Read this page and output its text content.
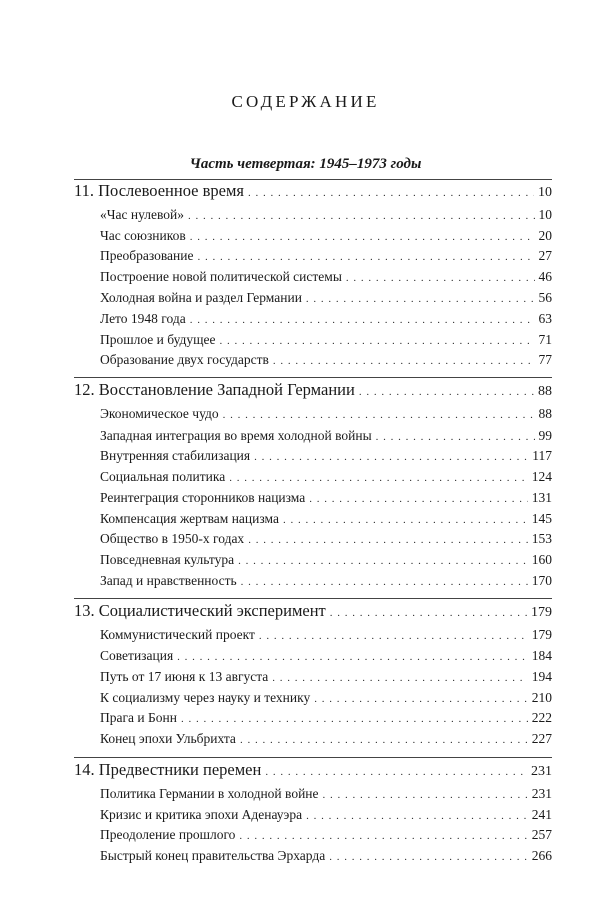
СОДЕРЖАНИЕ
Часть четвертая: 1945–1973 годы
11. Послевоенное время . . .	10
«Час нулевой» . . .	10
Час союзников . . .	20
Преобразование . . .	27
Построение новой политической системы . . .	46
Холодная война и раздел Германии . . .	56
Лето 1948 года . . .	63
Прошлое и будущее . . .	71
Образование двух государств . . .	77
12. Восстановление Западной Германии . . .	88
Экономическое чудо . . .	88
Западная интеграция во время холодной войны . . .	99
Внутренняя стабилизация . . .	117
Социальная политика . . .	124
Реинтеграция сторонников нацизма . . .	131
Компенсация жертвам нацизма . . .	145
Общество в 1950-х годах . . .	153
Повседневная культура . . .	160
Запад и нравственность . . .	170
13. Социалистический эксперимент . . .	179
Коммунистический проект . . .	179
Советизация . . .	184
Путь от 17 июня к 13 августа . . .	194
К социализму через науку и технику . . .	210
Прага и Бонн . . .	222
Конец эпохи Ульбрихта . . .	227
14. Предвестники перемен . . .	231
Политика Германии в холодной войне . . .	231
Кризис и критика эпохи Аденауэра . . .	241
Преодоление прошлого . . .	257
Быстрый конец правительства Эрхарда . . .	266
